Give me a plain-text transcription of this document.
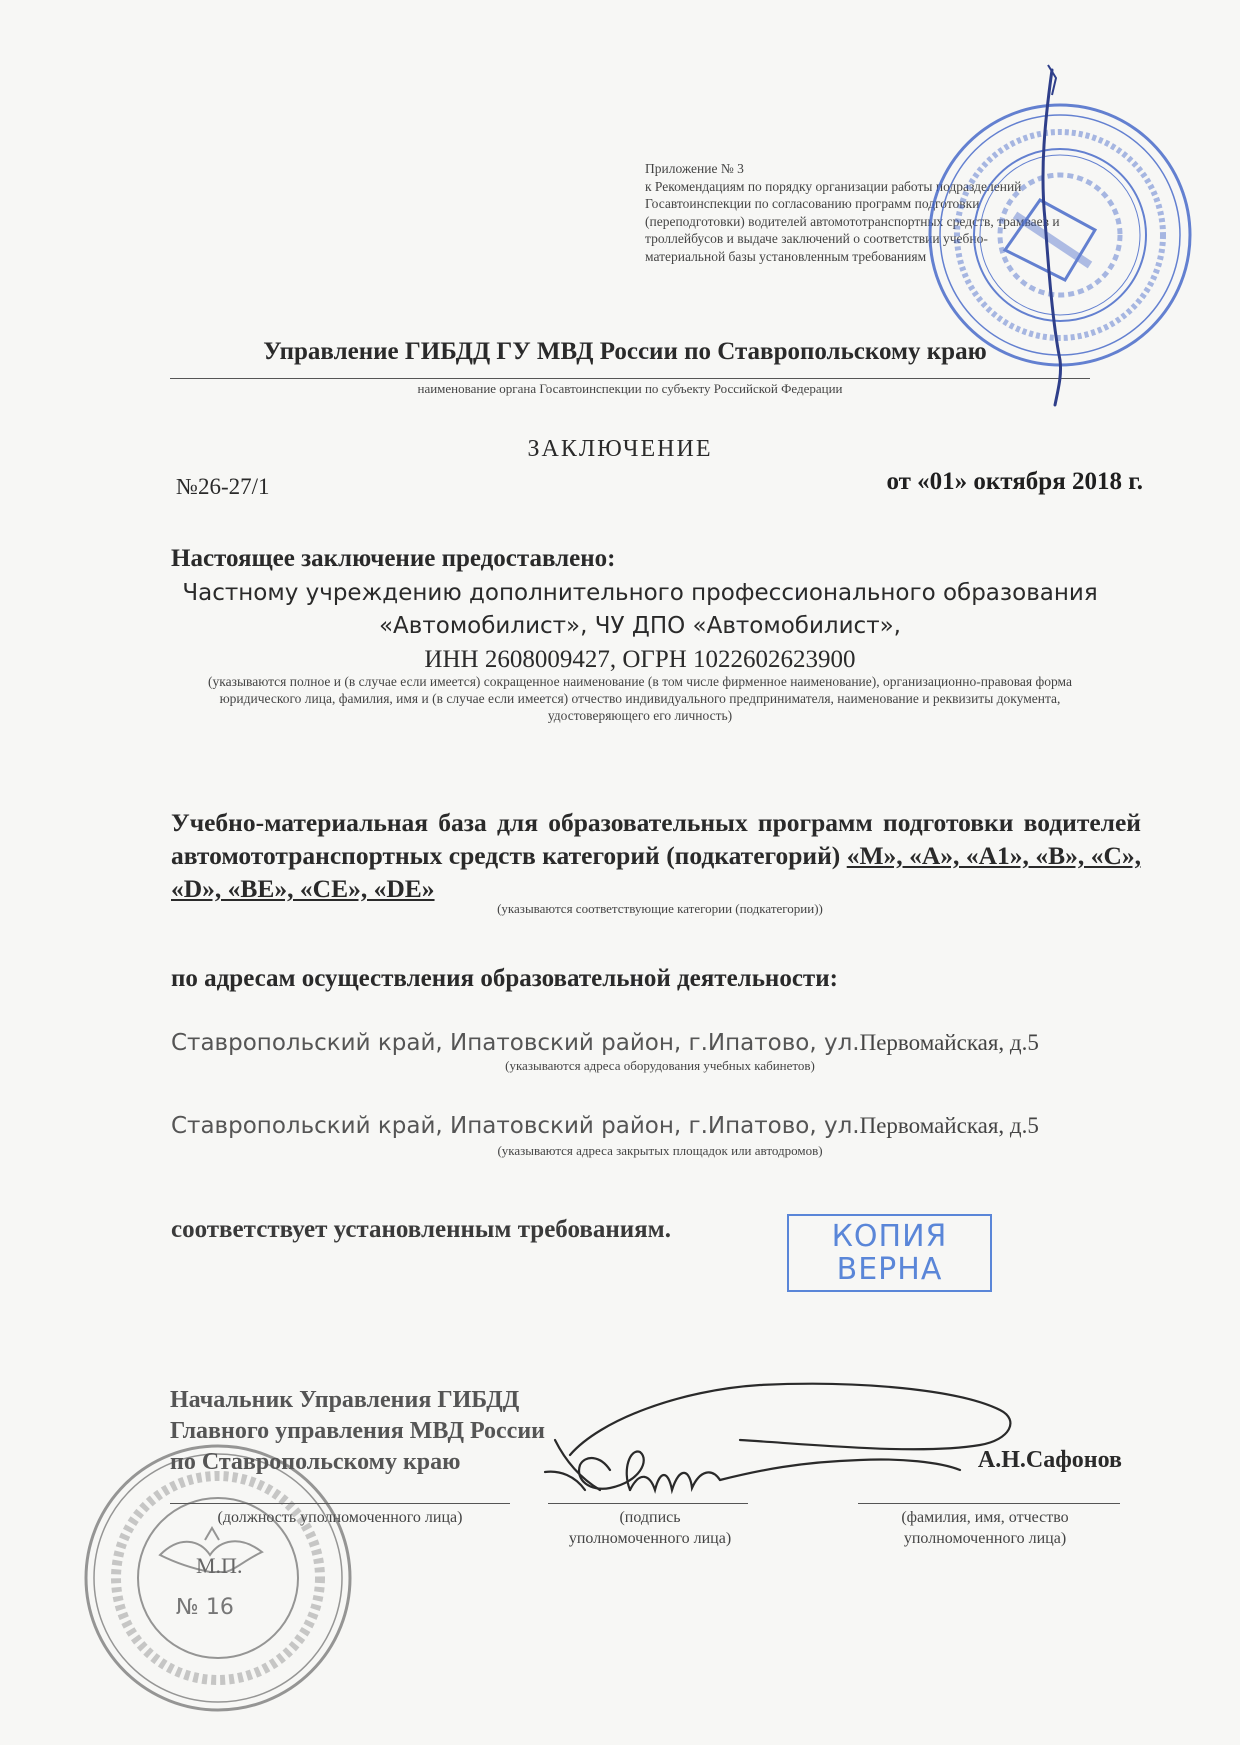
Приложение № 3
к Рекомендациям по порядку организации работы подразделений
Госавтоинспекции по согласованию программ подготовки
(переподготовки) водителей автомототранспортных средств, трамваев и
троллейбусов и выдаче заключений о соответствии учебно-
материальной базы установленным требованиям
Управление ГИБДД ГУ МВД России по Ставропольскому краю
наименование органа Госавтоинспекции по субъекту Российской Федерации
ЗАКЛЮЧЕНИЕ
№26-27/1	от «01» октября 2018 г.
Настоящее заключение предоставлено:
Частному учреждению дополнительного профессионального образования
«Автомобилист», ЧУ ДПО «Автомобилист»,
ИНН 2608009427, ОГРН 1022602623900
(указываются полное и (в случае если имеется) сокращенное наименование (в том числе фирменное наименование), организационно-правовая форма юридического лица, фамилия, имя и (в случае если имеется) отчество индивидуального предпринимателя, наименование и реквизиты документа, удостоверяющего его личность)
Учебно-материальная база для образовательных программ подготовки водителей автомототранспортных средств категорий (подкатегорий) «M», «A», «A1», «B», «C», «D», «BE», «CE», «DE»
(указываются соответствующие категории (подкатегории))
по адресам осуществления образовательной деятельности:
Ставропольский край, Ипатовский район, г.Ипатово, ул.Первомайская, д.5
(указываются адреса оборудования учебных кабинетов)
Ставропольский край, Ипатовский район, г.Ипатово, ул.Первомайская, д.5
(указываются адреса закрытых площадок или автодромов)
соответствует установленным требованиям.	КОПИЯ
ВЕРНА
Начальник Управления ГИБДД
Главного управления МВД России
по Ставропольскому краю	А.Н.Сафонов
(должность уполномоченного лица)	(подпись
уполномоченного лица)
(фамилия, имя, отчество
уполномоченного лица)
М.П.
№ 16
